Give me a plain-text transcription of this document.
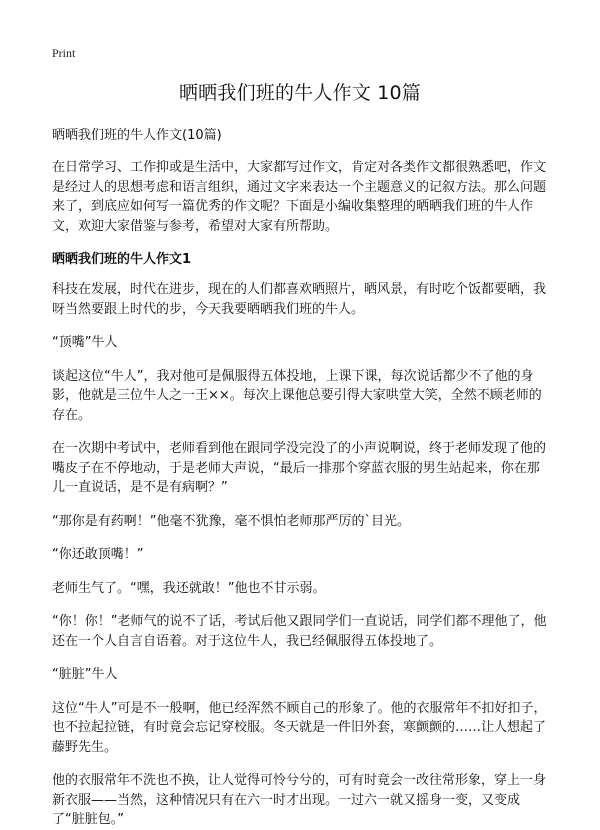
Print
晒晒我们班的牛人作文 10篇
晒晒我们班的牛人作文(10篇)

在日常学习、工作抑或是生活中，大家都写过作文，肯定对各类作文都很熟悉吧，作文是经过人的思想考虑和语言组织，通过文字来表达一个主题意义的记叙方法。那么问题来了，到底应如何写一篇优秀的作文呢？下面是小编收集整理的晒晒我们班的牛人作文，欢迎大家借鉴与参考，希望对大家有所帮助。

晒晒我们班的牛人作文1

科技在发展，时代在进步，现在的人们都喜欢晒照片，晒风景，有时吃个饭都要晒，我呀当然要跟上时代的步，今天我要晒晒我们班的牛人。

“顶嘴”牛人

谈起这位“牛人”，我对他可是佩服得五体投地，上课下课，每次说话都少不了他的身影，他就是三位牛人之一王××。每次上课他总要引得大家哄堂大笑，全然不顾老师的存在。

在一次期中考试中，老师看到他在跟同学没完没了的小声说啊说，终于老师发现了他的嘴皮子在不停地动，于是老师大声说，“最后一排那个穿蓝衣服的男生站起来，你在那儿一直说话，是不是有病啊？”

“那你是有药啊！”他毫不犹豫，毫不惧怕老师那严厉的`目光。

“你还敢顶嘴！”

老师生气了。“嘿，我还就敢！”他也不甘示弱。

“你！你！”老师气的说不了话，考试后他又跟同学们一直说话，同学们都不理他了，他还在一个人自言自语着。对于这位牛人，我已经佩服得五体投地了。

“脏脏”牛人

这位“牛人”可是不一般啊，他已经浑然不顾自己的形象了。他的衣服常年不扣好扣子，也不拉起拉链，有时竟会忘记穿校服。冬天就是一件旧外套，寒颤颤的……让人想起了藤野先生。

他的衣服常年不洗也不换，让人觉得可怜兮兮的，可有时竟会一改往常形象，穿上一身新衣服——当然，这种情况只有在六一时才出现。一过六一就又摇身一变，又变成了“脏脏包。”
